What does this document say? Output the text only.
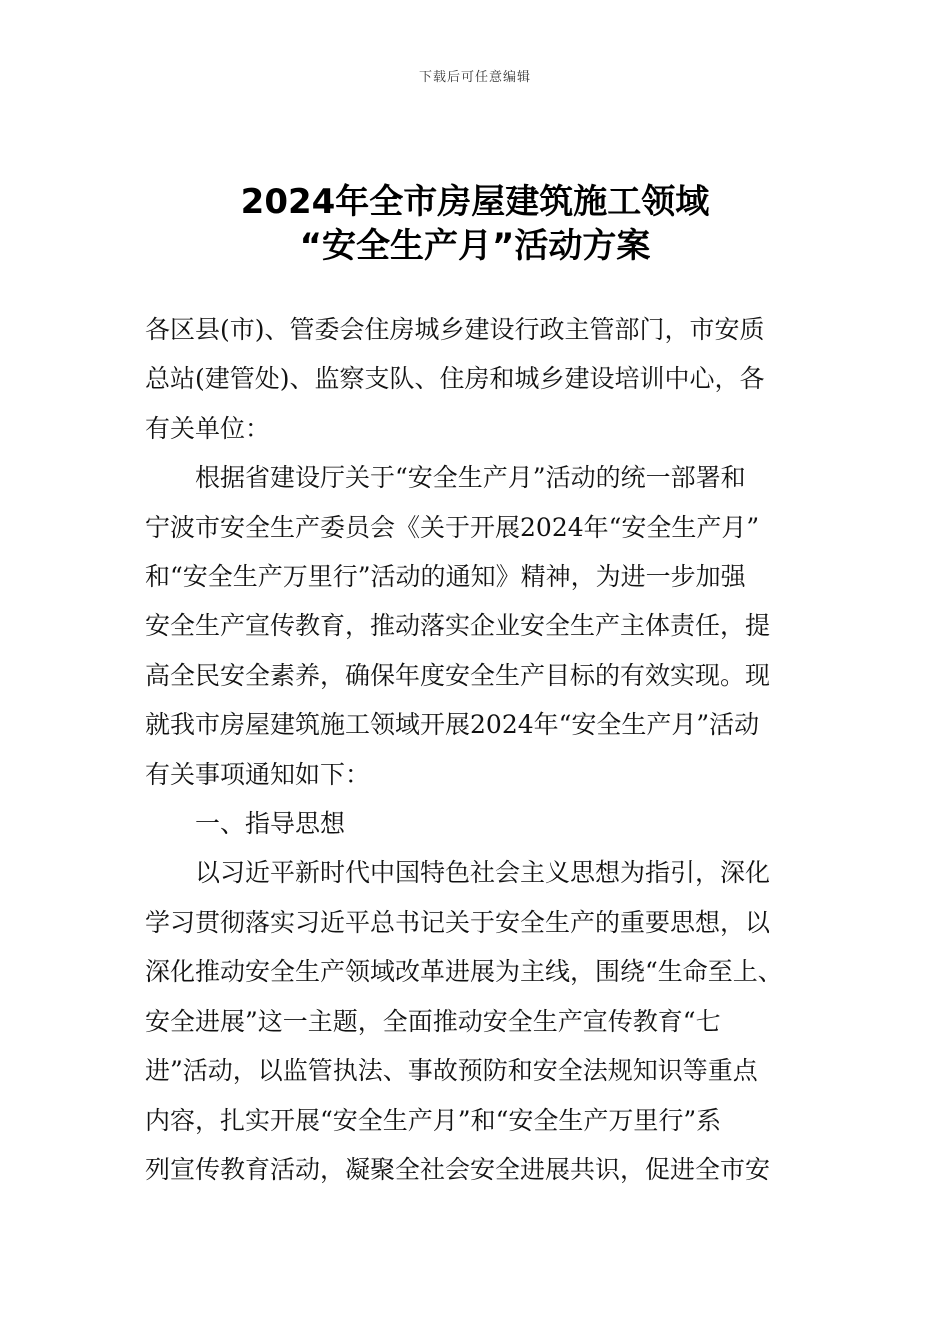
下载后可任意编辑
2024年全市房屋建筑施工领域
“安全生产月”活动方案
各区县(市)、管委会住房城乡建设行政主管部门，市安质
总站(建管处)、监察支队、住房和城乡建设培训中心，各
有关单位：
根据省建设厅关于“安全生产月”活动的统一部署和
宁波市安全生产委员会《关于开展2024年“安全生产月”
和“安全生产万里行”活动的通知》精神，为进一步加强
安全生产宣传教育，推动落实企业安全生产主体责任，提
高全民安全素养，确保年度安全生产目标的有效实现。现
就我市房屋建筑施工领域开展2024年“安全生产月”活动
有关事项通知如下：
一、指导思想
以习近平新时代中国特色社会主义思想为指引，深化
学习贯彻落实习近平总书记关于安全生产的重要思想，以
深化推动安全生产领域改革进展为主线，围绕“生命至上、
安全进展”这一主题，全面推动安全生产宣传教育“七
进”活动，以监管执法、事故预防和安全法规知识等重点
内容，扎实开展“安全生产月”和“安全生产万里行”系
列宣传教育活动，凝聚全社会安全进展共识，促进全市安
